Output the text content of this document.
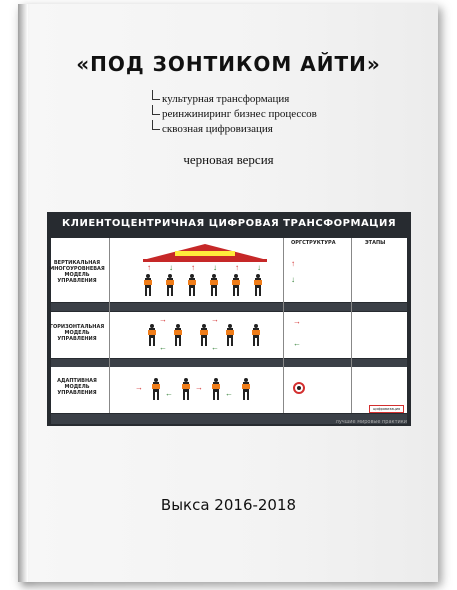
«ПОД ЗОНТИКОМ АЙТИ»
культурная трансформация
реинжиниринг бизнес процессов
сквозная цифровизация
черновая версия
КЛИЕНТОЦЕНТРИЧНАЯ ЦИФРОВАЯ ТРАНСФОРМАЦИЯ
ОРГСТРУКТУРА	ЭТАПЫ
ВЕРТИКАЛЬНАЯ МНОГОУРОВНЕВАЯ МОДЕЛЬ УПРАВЛЕНИЯ
ГОРИЗОНТАЛЬНАЯ МОДЕЛЬ УПРАВЛЕНИЯ
АДАПТИВНАЯ МОДЕЛЬ УПРАВЛЕНИЯ
↑ ↓ ↑ ↓ ↑ ↓	↑
↓
→
←
→
←
→
←
→
←
→
←
цифровизация
лучшие мировые практики
Выкса 2016-2018
